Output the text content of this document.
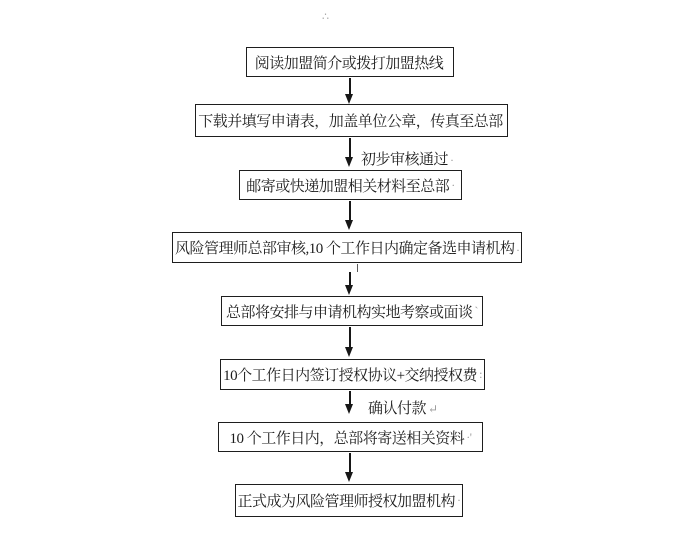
∴
阅读加盟简介或拨打加盟热线
下载并填写申请表，加盖单位公章，传真至总部
初步审核通过 ·
邮寄或快递加盟相关材料至总部 ·
风险管理师总部审核,10 个工作日内确定备选申请机构 .
总部将安排与申请机构实地考察或面谈 `
10个工作日内签订授权协议+交纳授权费 :
确认付款 ↵
10 个工作日内，总部将寄送相关资料 ·'
正式成为风险管理师授权加盟机构 ·
